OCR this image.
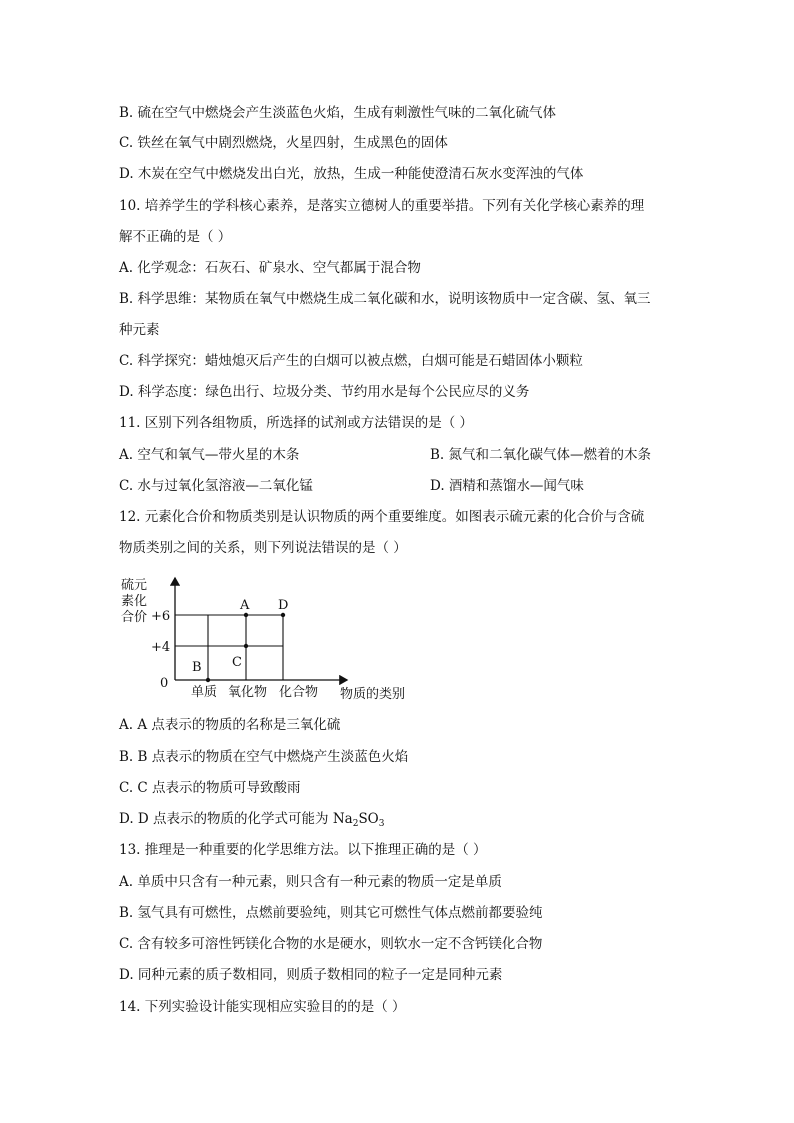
B. 硫在空气中燃烧会产生淡蓝色火焰，生成有刺激性气味的二氧化硫气体
C. 铁丝在氧气中剧烈燃烧，火星四射，生成黑色的固体
D. 木炭在空气中燃烧发出白光，放热，生成一种能使澄清石灰水变浑浊的气体
10. 培养学生的学科核心素养，是落实立德树人的重要举措。下列有关化学核心素养的理
解不正确的是（ ）
A. 化学观念：石灰石、矿泉水、空气都属于混合物
B. 科学思维：某物质在氧气中燃烧生成二氧化碳和水，说明该物质中一定含碳、氢、氧三
种元素
C. 科学探究：蜡烛熄灭后产生的白烟可以被点燃，白烟可能是石蜡固体小颗粒
D. 科学态度：绿色出行、垃圾分类、节约用水是每个公民应尽的义务
11. 区别下列各组物质，所选择的试剂或方法错误的是（ ）
A. 空气和氧气—带火星的木条	B. 氮气和二氧化碳气体—燃着的木条
C. 水与过氧化氢溶液—二氧化锰	D. 酒精和蒸馏水—闻气味
12. 元素化合价和物质类别是认识物质的两个重要维度。如图表示硫元素的化合价与含硫
物质类别之间的关系，则下列说法错误的是（ ）
硫元
素化
合价 +6
+4
0
A D
B C
单质 氧化物 化合物 物质的类别
A. A 点表示的物质的名称是三氧化硫
B. B 点表示的物质在空气中燃烧产生淡蓝色火焰
C. C 点表示的物质可导致酸雨
D. D 点表示的物质的化学式可能为 $Na_2SO_3$
13. 推理是一种重要的化学思维方法。以下推理正确的是（ ）
A. 单质中只含有一种元素，则只含有一种元素的物质一定是单质
B. 氢气具有可燃性，点燃前要验纯，则其它可燃性气体点燃前都要验纯
C. 含有较多可溶性钙镁化合物的水是硬水，则软水一定不含钙镁化合物
D. 同种元素的质子数相同，则质子数相同的粒子一定是同种元素
14. 下列实验设计能实现相应实验目的的是（ ）
